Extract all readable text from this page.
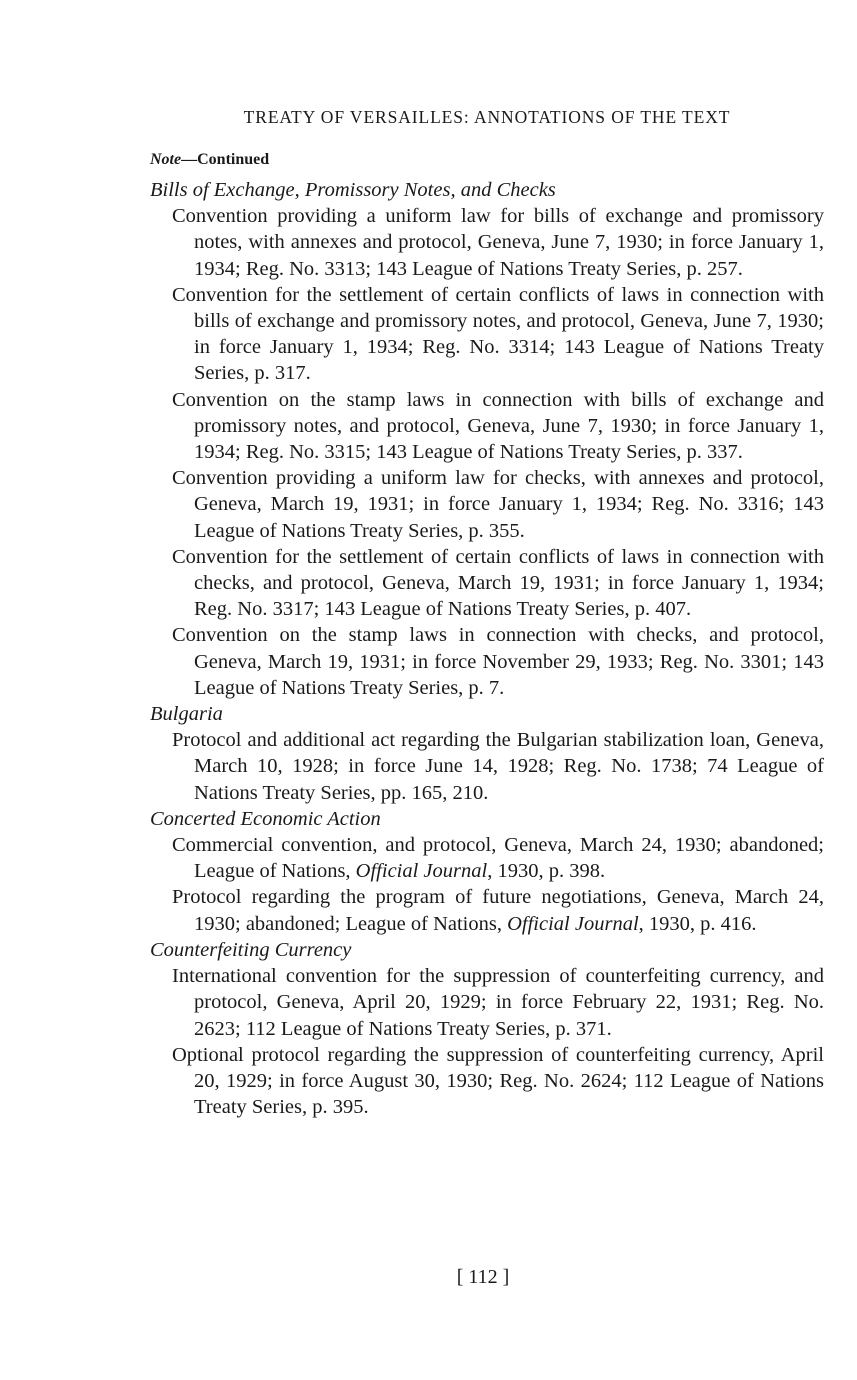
TREATY OF VERSAILLES: ANNOTATIONS OF THE TEXT
Note—Continued

Bills of Exchange, Promissory Notes, and Checks

Convention providing a uniform law for bills of exchange and promissory notes, with annexes and protocol, Geneva, June 7, 1930; in force January 1, 1934; Reg. No. 3313; 143 League of Nations Treaty Series, p. 257.

Convention for the settlement of certain conflicts of laws in connection with bills of exchange and promissory notes, and protocol, Geneva, June 7, 1930; in force January 1, 1934; Reg. No. 3314; 143 League of Nations Treaty Series, p. 317.

Convention on the stamp laws in connection with bills of exchange and promissory notes, and protocol, Geneva, June 7, 1930; in force January 1, 1934; Reg. No. 3315; 143 League of Nations Treaty Series, p. 337.

Convention providing a uniform law for checks, with annexes and protocol, Geneva, March 19, 1931; in force January 1, 1934; Reg. No. 3316; 143 League of Nations Treaty Series, p. 355.

Convention for the settlement of certain conflicts of laws in connection with checks, and protocol, Geneva, March 19, 1931; in force January 1, 1934; Reg. No. 3317; 143 League of Nations Treaty Series, p. 407.

Convention on the stamp laws in connection with checks, and protocol, Geneva, March 19, 1931; in force November 29, 1933; Reg. No. 3301; 143 League of Nations Treaty Series, p. 7.

Bulgaria

Protocol and additional act regarding the Bulgarian stabilization loan, Geneva, March 10, 1928; in force June 14, 1928; Reg. No. 1738; 74 League of Nations Treaty Series, pp. 165, 210.

Concerted Economic Action

Commercial convention, and protocol, Geneva, March 24, 1930; abandoned; League of Nations, Official Journal, 1930, p. 398.

Protocol regarding the program of future negotiations, Geneva, March 24, 1930; abandoned; League of Nations, Official Journal, 1930, p. 416.

Counterfeiting Currency

International convention for the suppression of counterfeiting currency, and protocol, Geneva, April 20, 1929; in force February 22, 1931; Reg. No. 2623; 112 League of Nations Treaty Series, p. 371.

Optional protocol regarding the suppression of counterfeiting currency, April 20, 1929; in force August 30, 1930; Reg. No. 2624; 112 League of Nations Treaty Series, p. 395.

[ 112 ]
